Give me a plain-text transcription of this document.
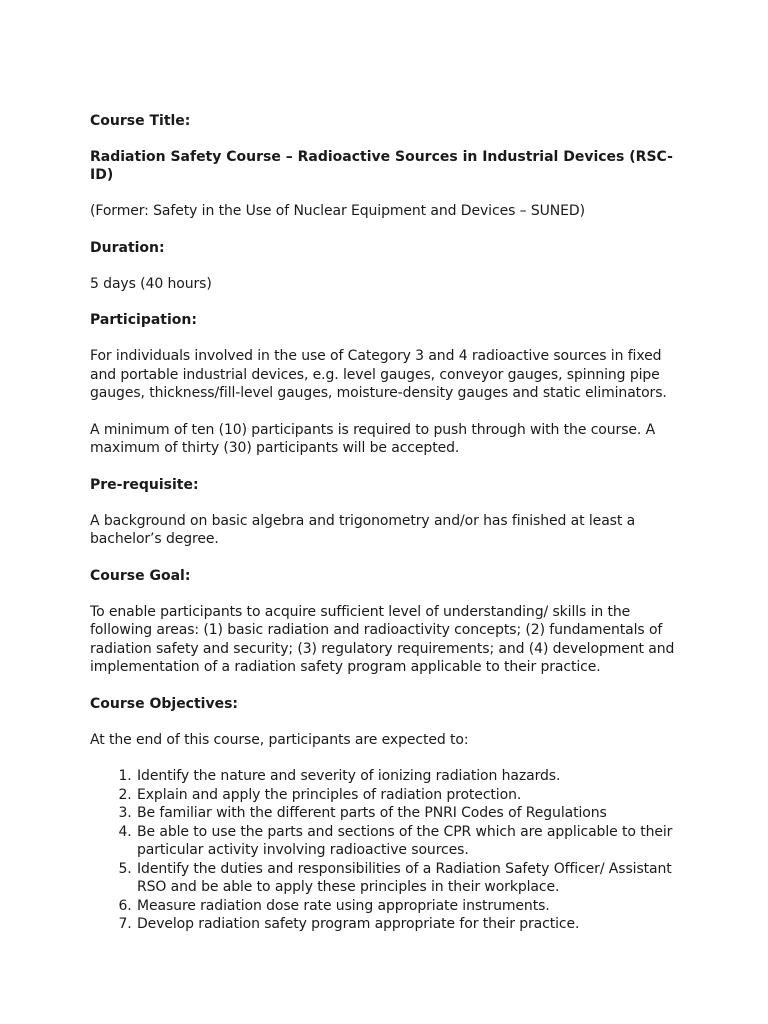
Course Title:

Radiation Safety Course – Radioactive Sources in Industrial Devices (RSC-ID)

(Former: Safety in the Use of Nuclear Equipment and Devices – SUNED)

Duration:

5 days (40 hours)

Participation:

For individuals involved in the use of Category 3 and 4 radioactive sources in fixed and portable industrial devices, e.g. level gauges, conveyor gauges, spinning pipe gauges, thickness/fill-level gauges, moisture-density gauges and static eliminators.

A minimum of ten (10) participants is required to push through with the course. A maximum of thirty (30) participants will be accepted.

Pre-requisite:

A background on basic algebra and trigonometry and/or has finished at least a bachelor’s degree.

Course Goal:

To enable participants to acquire sufficient level of understanding/ skills in the following areas: (1) basic radiation and radioactivity concepts; (2) fundamentals of radiation safety and security; (3) regulatory requirements; and (4) development and implementation of a radiation safety program applicable to their practice.

Course Objectives:

At the end of this course, participants are expected to:

1. Identify the nature and severity of ionizing radiation hazards.
2. Explain and apply the principles of radiation protection.
3. Be familiar with the different parts of the PNRI Codes of Regulations
4. Be able to use the parts and sections of the CPR which are applicable to their particular activity involving radioactive sources.
5. Identify the duties and responsibilities of a Radiation Safety Officer/ Assistant RSO and be able to apply these principles in their workplace.
6. Measure radiation dose rate using appropriate instruments.
7. Develop radiation safety program appropriate for their practice.
